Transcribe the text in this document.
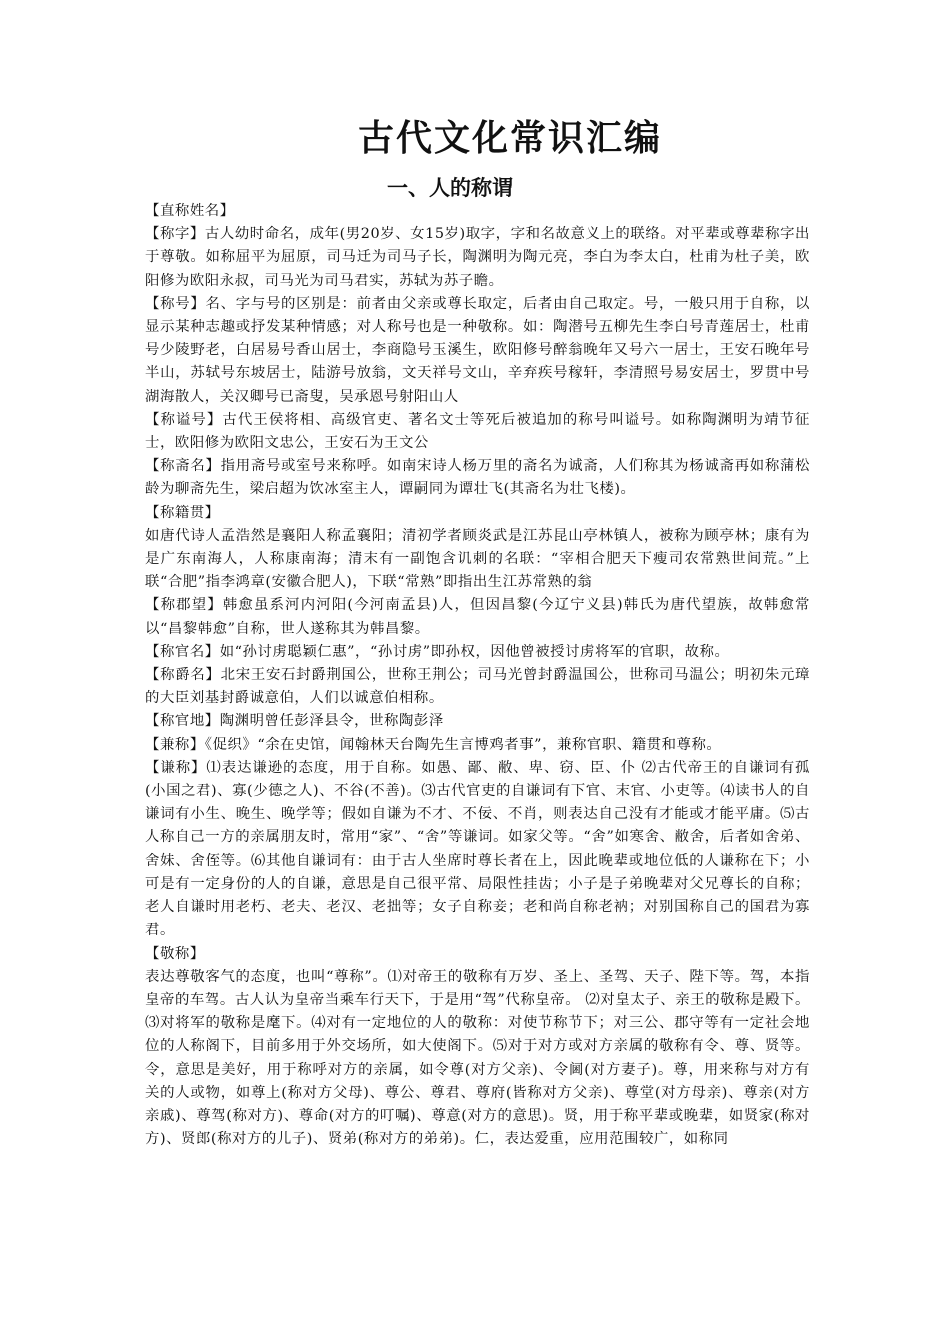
古代文化常识汇编
一、人的称谓

【直称姓名】

【称字】古人幼时命名，成年(男20岁、女15岁)取字，字和名故意义上的联络。对平辈或尊辈称字出于尊敬。如称屈平为屈原，司马迁为司马子长，陶渊明为陶元亮，李白为李太白，杜甫为杜子美，欧阳修为欧阳永叔，司马光为司马君实，苏轼为苏子瞻。

【称号】名、字与号的区别是：前者由父亲或尊长取定，后者由自己取定。号，一般只用于自称，以显示某种志趣或抒发某种情感；对人称号也是一种敬称。如：陶潜号五柳先生李白号青莲居士，杜甫号少陵野老，白居易号香山居士，李商隐号玉溪生，欧阳修号醉翁晚年又号六一居士，王安石晚年号半山，苏轼号东坡居士，陆游号放翁，文天祥号文山，辛弃疾号稼轩，李清照号易安居士，罗贯中号湖海散人，关汉卿号已斋叟，吴承恩号射阳山人

【称谥号】古代王侯将相、高级官吏、著名文士等死后被追加的称号叫谥号。如称陶渊明为靖节征士，欧阳修为欧阳文忠公，王安石为王文公

【称斋名】指用斋号或室号来称呼。如南宋诗人杨万里的斋名为诚斋，人们称其为杨诚斋再如称蒲松龄为聊斋先生，梁启超为饮冰室主人，谭嗣同为谭壮飞(其斋名为壮飞楼)。

【称籍贯】

如唐代诗人孟浩然是襄阳人称孟襄阳；清初学者顾炎武是江苏昆山亭林镇人，被称为顾亭林；康有为是广东南海人，人称康南海；清末有一副饱含讥刺的名联：“宰相合肥天下瘦司农常熟世间荒。”上联“合肥”指李鸿章(安徽合肥人)，下联“常熟”即指出生江苏常熟的翁

【称郡望】韩愈虽系河内河阳(今河南孟县)人，但因昌黎(今辽宁义县)韩氏为唐代望族，故韩愈常以“昌黎韩愈”自称，世人遂称其为韩昌黎。

【称官名】如“孙讨虏聪颖仁惠”，“孙讨虏”即孙权，因他曾被授讨虏将军的官职，故称。

【称爵名】北宋王安石封爵荆国公，世称王荆公；司马光曾封爵温国公，世称司马温公；明初朱元璋的大臣刘基封爵诚意伯，人们以诚意伯相称。

【称官地】陶渊明曾任彭泽县令，世称陶彭泽

【兼称】《促织》“余在史馆，闻翰林天台陶先生言博鸡者事”，兼称官职、籍贯和尊称。

【谦称】⑴表达谦逊的态度，用于自称。如愚、鄙、敝、卑、窃、臣、仆 ⑵古代帝王的自谦词有孤(小国之君)、寡(少德之人)、不谷(不善)。⑶古代官吏的自谦词有下官、末官、小吏等。⑷读书人的自谦词有小生、晚生、晚学等；假如自谦为不才、不佞、不肖，则表达自己没有才能或才能平庸。⑸古人称自己一方的亲属朋友时，常用“家”、“舍”等谦词。如家父等。“舍”如寒舍、敝舍，后者如舍弟、舍妹、舍侄等。⑹其他自谦词有：由于古人坐席时尊长者在上，因此晚辈或地位低的人谦称在下；小可是有一定身份的人的自谦，意思是自己很平常、局限性挂齿；小子是子弟晚辈对父兄尊长的自称；老人自谦时用老朽、老夫、老汉、老拙等；女子自称妾；老和尚自称老衲；对别国称自己的国君为寡君。

【敬称】

表达尊敬客气的态度，也叫“尊称”。⑴对帝王的敬称有万岁、圣上、圣驾、天子、陛下等。驾，本指皇帝的车驾。古人认为皇帝当乘车行天下，于是用“驾”代称皇帝。 ⑵对皇太子、亲王的敬称是殿下。⑶对将军的敬称是麾下。⑷对有一定地位的人的敬称：对使节称节下；对三公、郡守等有一定社会地位的人称阁下，目前多用于外交场所，如大使阁下。⑸对于对方或对方亲属的敬称有令、尊、贤等。令，意思是美好，用于称呼对方的亲属，如令尊(对方父亲)、令阃(对方妻子)。尊，用来称与对方有关的人或物，如尊上(称对方父母)、尊公、尊君、尊府(皆称对方父亲)、尊堂(对方母亲)、尊亲(对方亲戚)、尊驾(称对方)、尊命(对方的叮嘱)、尊意(对方的意思)。贤，用于称平辈或晚辈，如贤家(称对方)、贤郎(称对方的儿子)、贤弟(称对方的弟弟)。仁，表达爱重，应用范围较广，如称同
